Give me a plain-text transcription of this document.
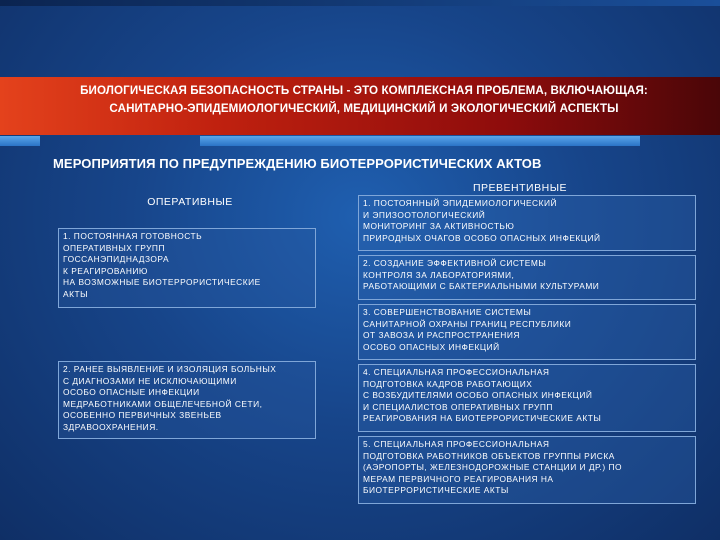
БИОЛОГИЧЕСКАЯ БЕЗОПАСНОСТЬ СТРАНЫ - ЭТО КОМПЛЕКСНАЯ ПРОБЛЕМА, ВКЛЮЧАЮЩАЯ:
САНИТАРНО-ЭПИДЕМИОЛОГИЧЕСКИЙ, МЕДИЦИНСКИЙ И ЭКОЛОГИЧЕСКИЙ АСПЕКТЫ
МЕРОПРИЯТИЯ ПО ПРЕДУПРЕЖДЕНИЮ БИОТЕРРОРИСТИЧЕСКИХ АКТОВ
ОПЕРАТИВНЫЕ
ПРЕВЕНТИВНЫЕ
1. ПОСТОЯННАЯ ГОТОВНОСТЬ
ОПЕРАТИВНЫХ ГРУПП
ГОССАНЭПИДНАДЗОРА
К РЕАГИРОВАНИЮ
НА ВОЗМОЖНЫЕ БИОТЕРРОРИСТИЧЕСКИЕ
АКТЫ
2. РАНЕЕ ВЫЯВЛЕНИЕ И ИЗОЛЯЦИЯ БОЛЬНЫХ
С ДИАГНОЗАМИ НЕ ИСКЛЮЧАЮЩИМИ
ОСОБО ОПАСНЫЕ ИНФЕКЦИИ
МЕДРАБОТНИКАМИ ОБЩЕЛЕЧЕБНОЙ СЕТИ,
ОСОБЕННО ПЕРВИЧНЫХ ЗВЕНЬЕВ
ЗДРАВООХРАНЕНИЯ.
1. ПОСТОЯННЫЙ ЭПИДЕМИОЛОГИЧЕСКИЙ
И ЭПИЗООТОЛОГИЧЕСКИЙ
МОНИТОРИНГ ЗА АКТИВНОСТЬЮ
ПРИРОДНЫХ ОЧАГОВ ОСОБО ОПАСНЫХ ИНФЕКЦИЙ
2. СОЗДАНИЕ ЭФФЕКТИВНОЙ СИСТЕМЫ
КОНТРОЛЯ ЗА ЛАБОРАТОРИЯМИ,
РАБОТАЮЩИМИ С БАКТЕРИАЛЬНЫМИ КУЛЬТУРАМИ
3. СОВЕРШЕНСТВОВАНИЕ СИСТЕМЫ
САНИТАРНОЙ ОХРАНЫ ГРАНИЦ РЕСПУБЛИКИ
ОТ ЗАВОЗА И РАСПРОСТРАНЕНИЯ
ОСОБО ОПАСНЫХ ИНФЕКЦИЙ
4. СПЕЦИАЛЬНАЯ ПРОФЕССИОНАЛЬНАЯ
ПОДГОТОВКА КАДРОВ РАБОТАЮЩИХ
С ВОЗБУДИТЕЛЯМИ ОСОБО ОПАСНЫХ ИНФЕКЦИЙ
И СПЕЦИАЛИСТОВ ОПЕРАТИВНЫХ ГРУПП
РЕАГИРОВАНИЯ НА БИОТЕРРОРИСТИЧЕСКИЕ АКТЫ
5. СПЕЦИАЛЬНАЯ ПРОФЕССИОНАЛЬНАЯ
ПОДГОТОВКА РАБОТНИКОВ ОБЪЕКТОВ ГРУППЫ РИСКА
(АЭРОПОРТЫ, ЖЕЛЕЗНОДОРОЖНЫЕ СТАНЦИИ И ДР.) ПО
МЕРАМ ПЕРВИЧНОГО РЕАГИРОВАНИЯ НА
БИОТЕРРОРИСТИЧЕСКИЕ АКТЫ
